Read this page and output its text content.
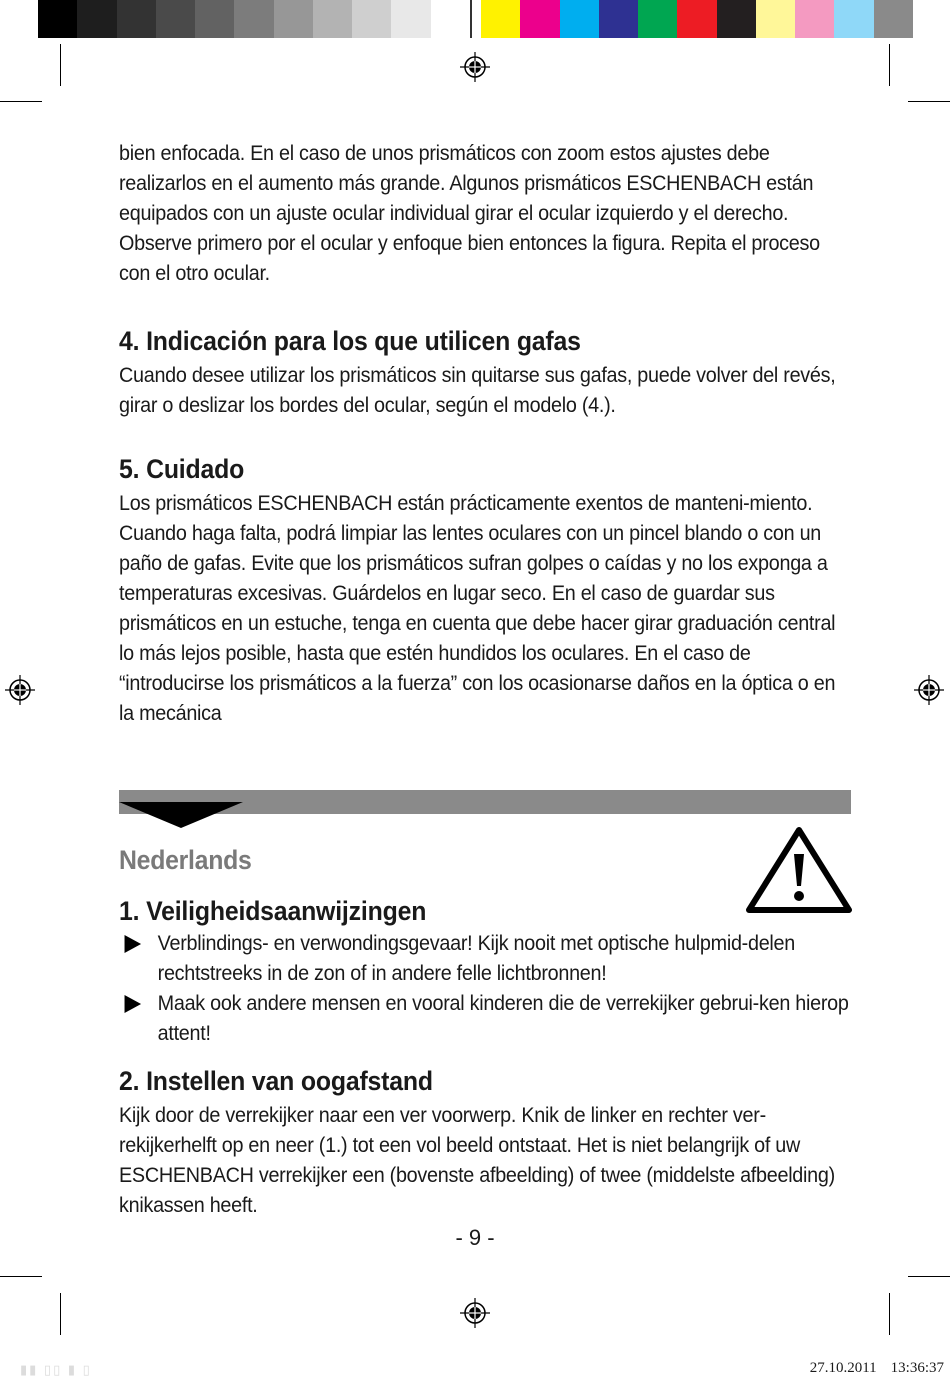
bien enfocada. En el caso de unos prismáticos con zoom estos ajustes debe realizarlos en el aumento más grande. Algunos prismáticos ESCHENBACH están equipados con un ajuste ocular individual girar el ocular izquierdo y el derecho. Observe primero por el ocular y enfoque bien entonces la figura. Repita el proceso con el otro ocular.

4. Indicación para los que utilicen gafas

Cuando desee utilizar los prismáticos sin quitarse sus gafas, puede volver del revés, girar o deslizar los bordes del ocular, según el modelo (4.).

5. Cuidado

Los prismáticos ESCHENBACH están prácticamente exentos de manteni-miento. Cuando haga falta, podrá limpiar las lentes oculares con un pincel blando o con un paño de gafas. Evite que los prismáticos sufran golpes o caídas y no los exponga a temperaturas excesivas. Guárdelos en lugar seco. En el caso de guardar sus prismáticos en un estuche, tenga en cuenta que debe hacer girar graduación central lo más lejos posible, hasta que estén hundidos los oculares. En el caso de “introducirse los prismáticos a la fuerza” con los ocasionarse daños en la óptica o en la mecánica

Nederlands
1. Veiligheidsaanwijzingen

Verblindings- en verwondingsgevaar! Kijk nooit met optische hulpmid-delen rechtstreeks in de zon of in andere felle lichtbronnen!

Maak ook andere mensen en vooral kinderen die de verrekijker gebrui-ken hierop attent!

2. Instellen van oogafstand

Kijk door de verrekijker naar een ver voorwerp. Knik de linker en rechter ver-rekijkerhelft op en neer (1.) tot een vol beeld ontstaat. Het is niet belangrijk of uw ESCHENBACH verrekijker een (bovenste afbeelding) of twee (middelste afbeelding) knikassen heeft.

- 9 -
▮▮ ▯▯ ▮ ▯	27.10.2011 13:36:37
